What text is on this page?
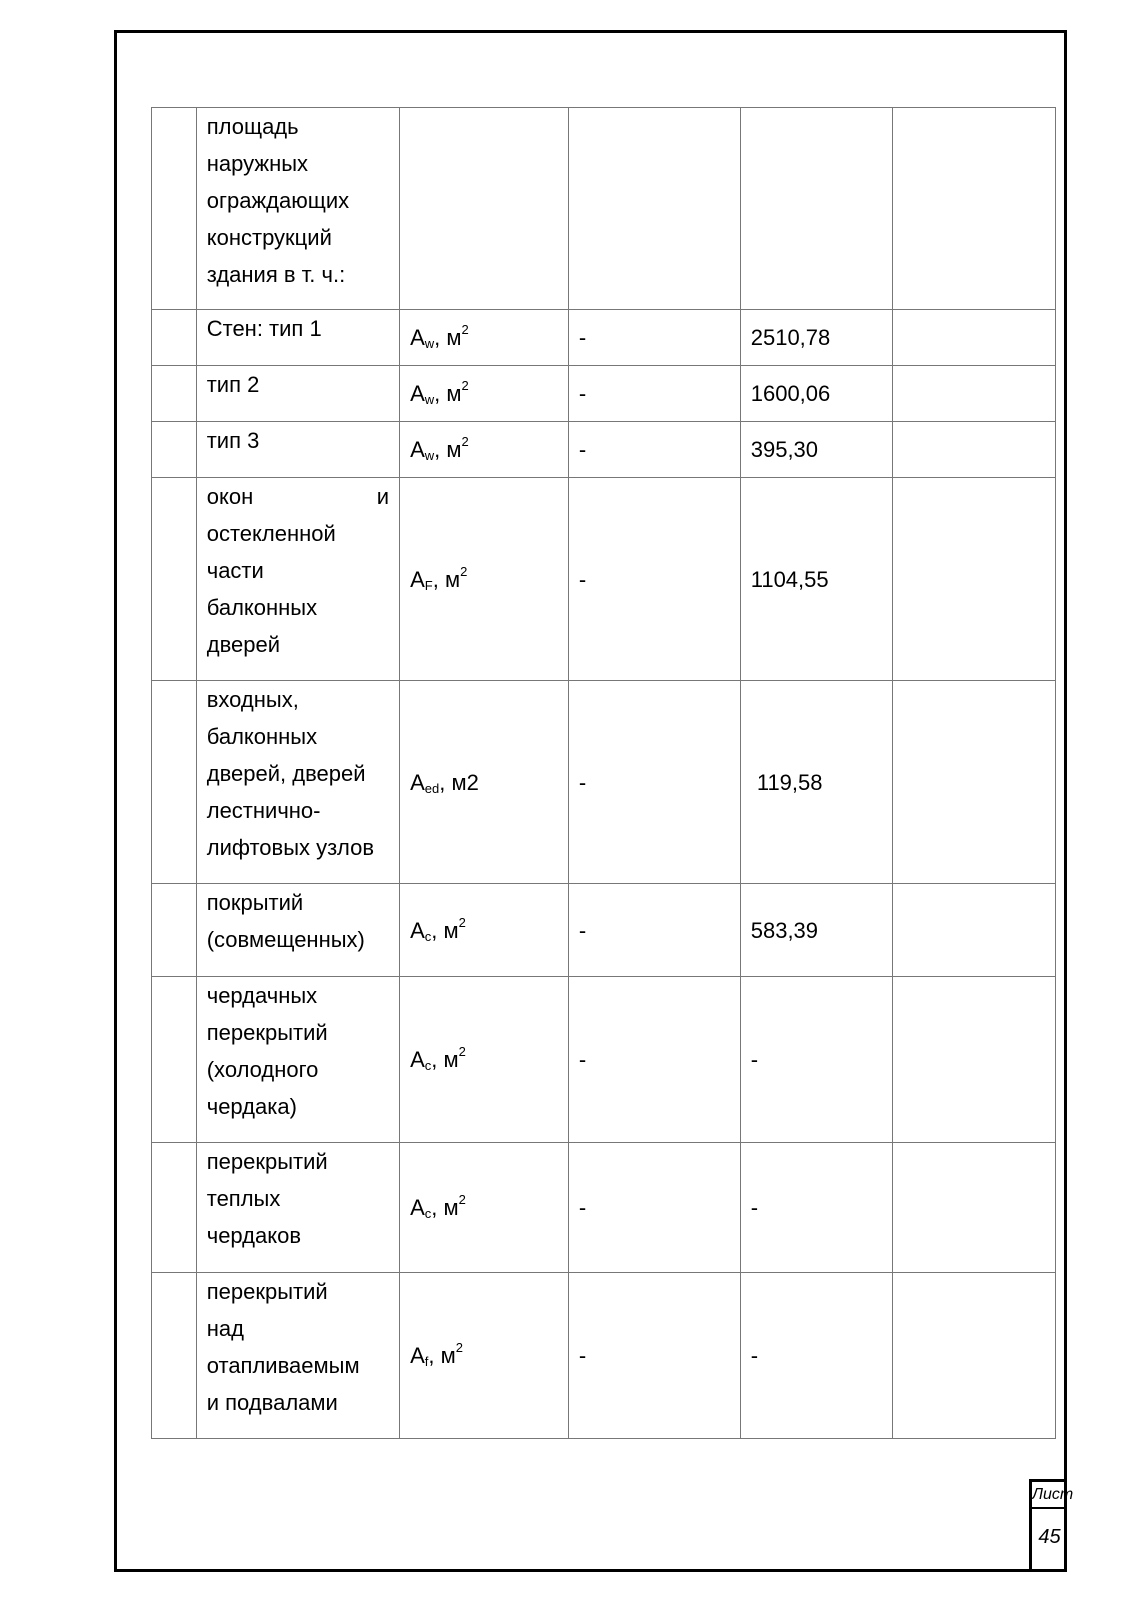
	площадь
наружных
ограждающих
конструкций
здания в т. ч.:				

	Стен: тип 1	$A_w$, $м^2$	-	2510,78	

	тип 2	$A_w$, $м^2$	-	1600,06	

	тип 3	$A_w$, $м^2$	-	395,30	

	окон и
остекленной
части
балконных
дверей	$A_F$, $м^2$	-	1104,55	

	входных,
балконных
дверей, дверей
лестнично-
лифтовых узлов	$A_{ed}$, м2	-	119,58	

	покрытий
(совмещенных)	$A_c$, $м^2$	-	583,39	

	чердачных
перекрытий
(холодного
чердака)	$A_c$, $м^2$	-	-	

	перекрытий
теплых
чердаков	$A_c$, $м^2$	-	-	

	перекрытий
над
отапливаемым
и подвалами	$A_f$, $м^2$	-	-	
Лист
45
